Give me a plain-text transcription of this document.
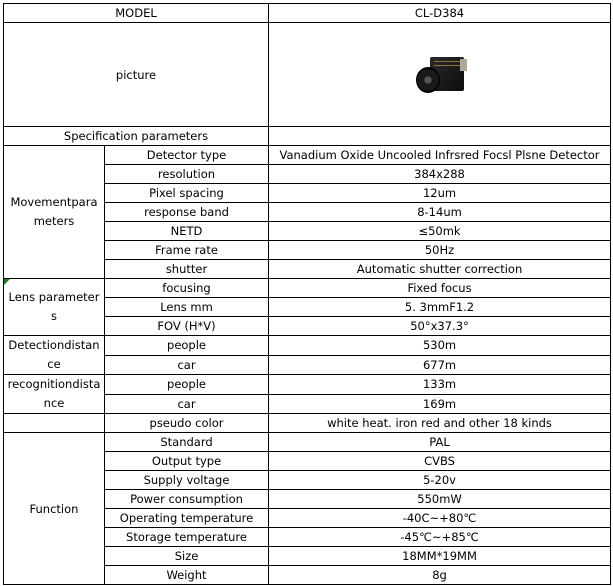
MODEL		CL-D384
picture		

Specification parameters		
Movementparameters	Detector type	Vanadium Oxide Uncooled Infrsred Focsl Plsne Detector
	resolution	384x288
	Pixel spacing	12um
	response band	8-14um
	NETD	≤50mk
	Frame rate	50Hz
	shutter	Automatic shutter correction
Lens parameters	focusing	Fixed focus
	Lens mm	5. 3mmF1.2
	FOV (H*V)	50°x37.3°
Detectiondistance	people	530m
	car	677m
recognitiondistance	people	133m
	car	169m
	pseudo color	white heat. iron red and other 18 kinds
Function	Standard	PAL
	Output type	CVBS
	Supply voltage	5-20v
	Power consumption	550mW
	Operating temperature	-40C~+80℃
	Storage temperature	-45℃~+85℃
	Size	18MM*19MM
	Weight	8g
